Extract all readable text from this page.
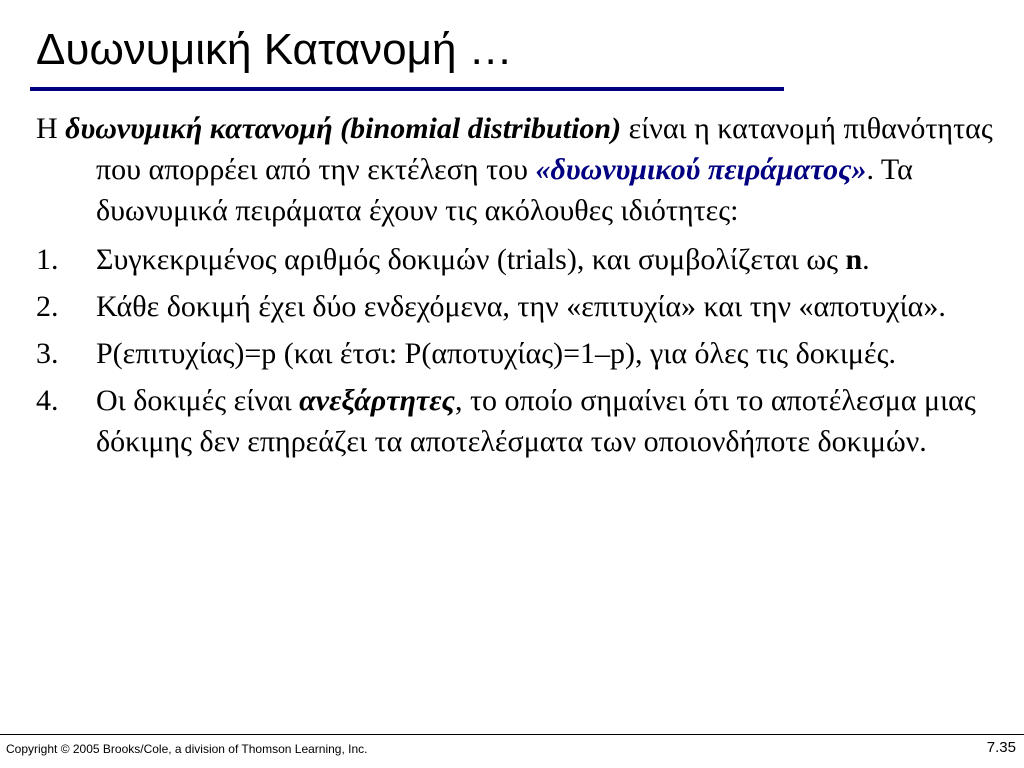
Δυωνυμική Κατανομή …

Η δυωνυμική κατανομή (binomial distribution) είναι η κατανομή πιθανότητας που απορρέει από την εκτέλεση του «δυωνυμικού πειράματος». Τα δυωνυμικά πειράματα έχουν τις ακόλουθες ιδιότητες:

1. Συγκεκριμένος αριθμός δοκιμών (trials), και συμβολίζεται ως n.
2. Κάθε δοκιμή έχει δύο ενδεχόμενα, την «επιτυχία» και την «αποτυχία».
3. P(επιτυχίας)=p (και έτσι: P(αποτυχίας)=1–p), για όλες τις δοκιμές.
4. Οι δοκιμές είναι ανεξάρτητες, το οποίο σημαίνει ότι το αποτέλεσμα μιας δόκιμης δεν επηρεάζει τα αποτελέσματα των οποιονδήποτε δοκιμών.
Copyright © 2005 Brooks/Cole, a division of Thomson Learning, Inc.	7.35
